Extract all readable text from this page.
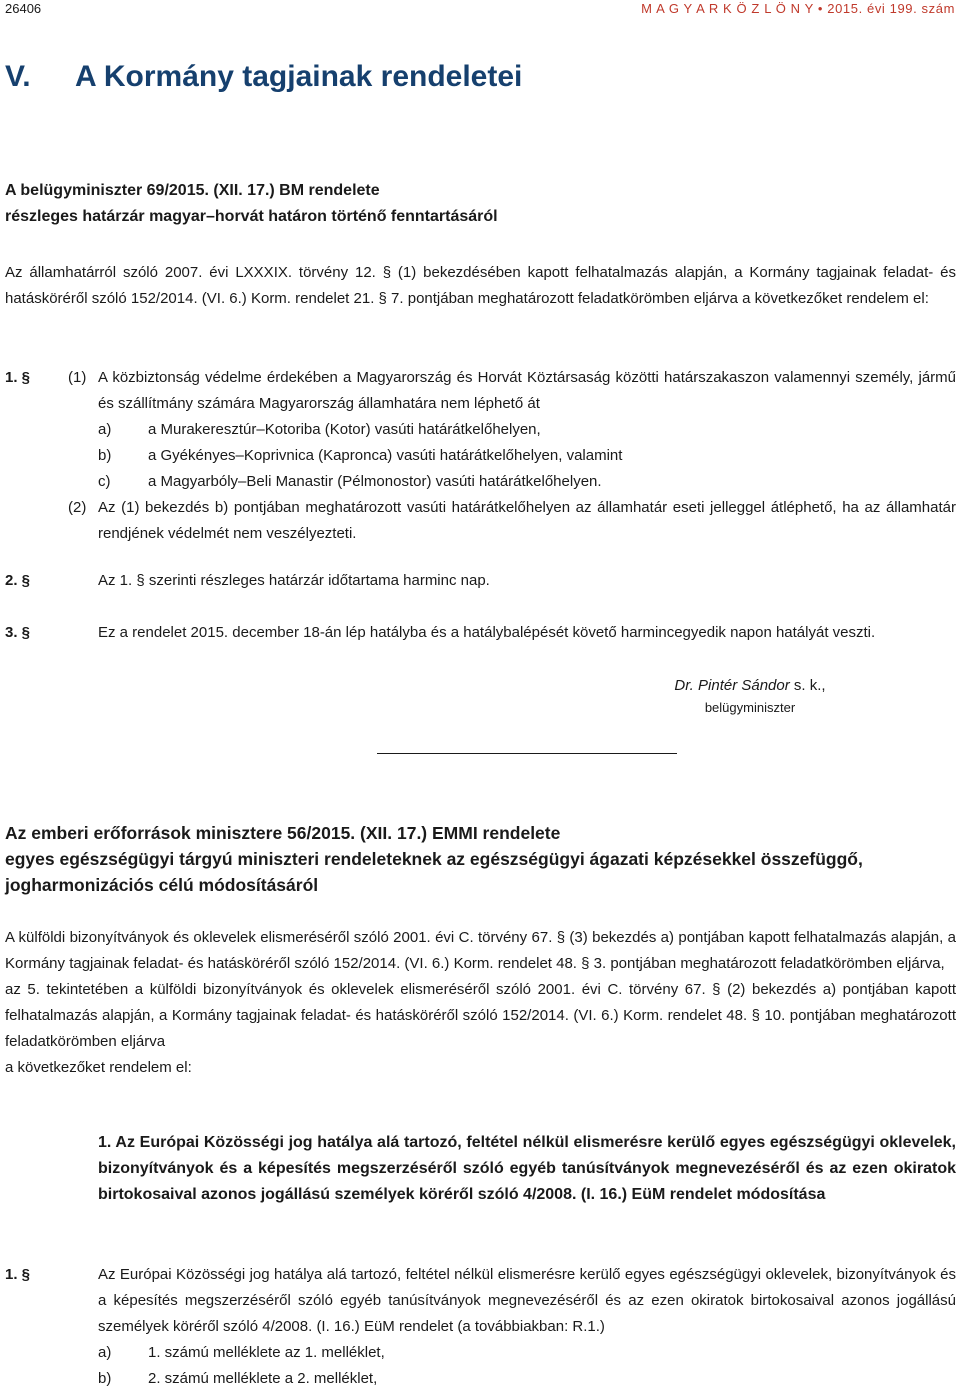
26406	M A G Y A R K Ö Z L Ö N Y • 2015. évi 199. szám
V. A Kormány tagjainak rendeletei
A belügyminiszter 69/2015. (XII. 17.) BM rendelete
részleges határzár magyar–horvát határon történő fenntartásáról

Az államhatárról szóló 2007. évi LXXXIX. törvény 12. § (1) bekezdésében kapott felhatalmazás alapján, a Kormány tagjainak feladat- és hatásköréről szóló 152/2014. (VI. 6.) Korm. rendelet 21. § 7. pontjában meghatározott feladatkörömben eljárva a következőket rendelem el:

1. §	(1) A közbiztonság védelme érdekében a Magyarország és Horvát Köztársaság közötti határszakaszon valamennyi személy, jármű és szállítmány számára Magyarország államhatára nem léphető át
a) a Murakeresztúr–Kotoriba (Kotor) vasúti határátkelőhelyen,
b) a Gyékényes–Koprivnica (Kapronca) vasúti határátkelőhelyen, valamint
c)	a Magyarbóly–Beli Manastir (Pélmonostor) vasúti határátkelőhelyen.
(2) Az (1) bekezdés b) pontjában meghatározott vasúti határátkelőhelyen az államhatár eseti jelleggel átléphető, ha az államhatár rendjének védelmét nem veszélyezteti.
2. §	Az 1. § szerinti részleges határzár időtartama harminc nap.
3. §	Ez a rendelet 2015. december 18-án lép hatályba és a hatálybalépését követő harmincegyedik napon hatályát veszti.
Dr. Pintér Sándor s. k.,
belügyminiszter
Az emberi erőforrások minisztere 56/2015. (XII. 17.) EMMI rendelete
egyes egészségügyi tárgyú miniszteri rendeleteknek az egészségügyi ágazati képzésekkel összefüggő,
jogharmonizációs célú módosításáról
A külföldi bizonyítványok és oklevelek elismeréséről szóló 2001. évi C. törvény 67. § (3) bekezdés a) pontjában kapott felhatalmazás alapján, a Kormány tagjainak feladat- és hatásköréről szóló 152/2014. (VI. 6.) Korm. rendelet 48. § 3. pontjában meghatározott feladatkörömben eljárva,
az 5. tekintetében a külföldi bizonyítványok és oklevelek elismeréséről szóló 2001. évi C. törvény 67. § (2) bekezdés a) pontjában kapott felhatalmazás alapján, a Kormány tagjainak feladat- és hatásköréről szóló 152/2014. (VI. 6.) Korm. rendelet 48. § 10. pontjában meghatározott feladatkörömben eljárva
a következőket rendelem el:
1. Az Európai Közösségi jog hatálya alá tartozó, feltétel nélkül elismerésre kerülő egyes egészségügyi oklevelek, bizonyítványok és a képesítés megszerzéséről szóló egyéb tanúsítványok megnevezéséről és az ezen okiratok birtokosaival azonos jogállású személyek köréről szóló 4/2008. (I. 16.) EüM rendelet módosítása
1. §	Az Európai Közösségi jog hatálya alá tartozó, feltétel nélkül elismerésre kerülő egyes egészségügyi oklevelek, bizonyítványok és a képesítés megszerzéséről szóló egyéb tanúsítványok megnevezéséről és az ezen okiratok birtokosaival azonos jogállású személyek köréről szóló 4/2008. (I. 16.) EüM rendelet (a továbbiakban: R.1.)
a) 1. számú melléklete az 1. melléklet,
b) 2. számú melléklete a 2. melléklet,
